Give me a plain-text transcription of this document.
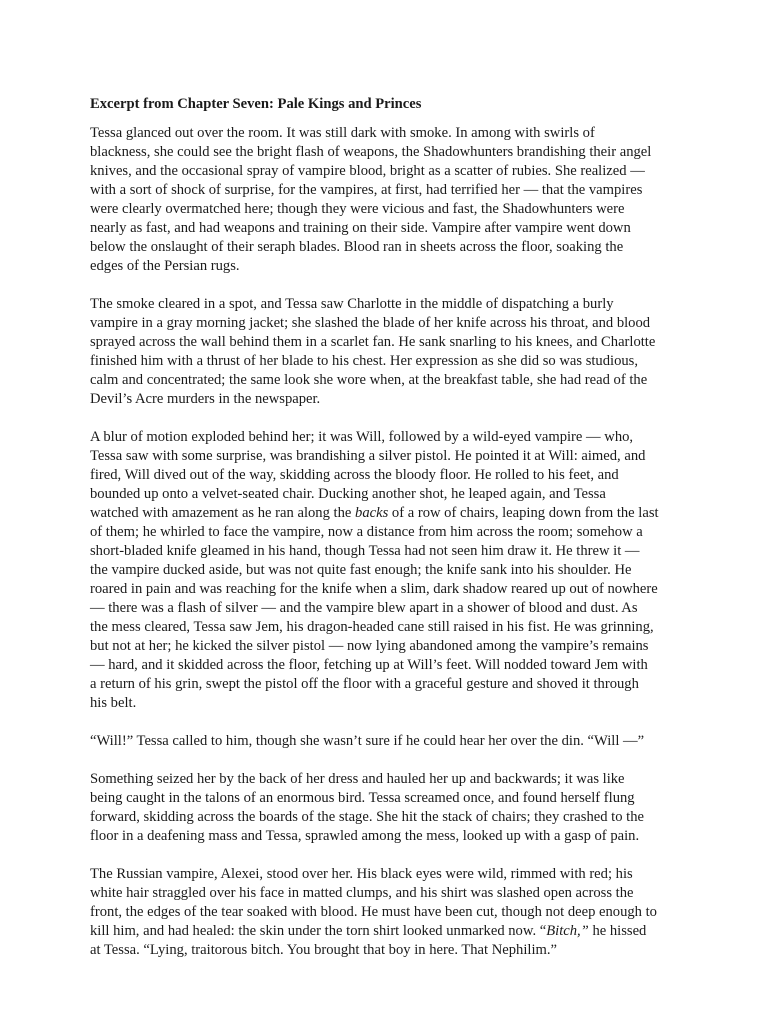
Excerpt from Chapter Seven: Pale Kings and Princes
Tessa glanced out over the room. It was still dark with smoke. In among with swirls of
blackness, she could see the bright flash of weapons, the Shadowhunters brandishing their angel
knives, and the occasional spray of vampire blood, bright as a scatter of rubies. She realized —
with a sort of shock of surprise, for the vampires, at first, had terrified her — that the vampires
were clearly overmatched here; though they were vicious and fast, the Shadowhunters were
nearly as fast, and had weapons and training on their side. Vampire after vampire went down
below the onslaught of their seraph blades. Blood ran in sheets across the floor, soaking the
edges of the Persian rugs.
The smoke cleared in a spot, and Tessa saw Charlotte in the middle of dispatching a burly
vampire in a gray morning jacket; she slashed the blade of her knife across his throat, and blood
sprayed across the wall behind them in a scarlet fan. He sank snarling to his knees, and Charlotte
finished him with a thrust of her blade to his chest. Her expression as she did so was studious,
calm and concentrated; the same look she wore when, at the breakfast table, she had read of the
Devil’s Acre murders in the newspaper.
A blur of motion exploded behind her; it was Will, followed by a wild-eyed vampire — who,
Tessa saw with some surprise, was brandishing a silver pistol. He pointed it at Will: aimed, and
fired, Will dived out of the way, skidding across the bloody floor. He rolled to his feet, and
bounded up onto a velvet-seated chair. Ducking another shot, he leaped again, and Tessa
watched with amazement as he ran along the backs of a row of chairs, leaping down from the last
of them; he whirled to face the vampire, now a distance from him across the room; somehow a
short-bladed knife gleamed in his hand, though Tessa had not seen him draw it. He threw it —
the vampire ducked aside, but was not quite fast enough; the knife sank into his shoulder. He
roared in pain and was reaching for the knife when a slim, dark shadow reared up out of nowhere
— there was a flash of silver — and the vampire blew apart in a shower of blood and dust. As
the mess cleared, Tessa saw Jem, his dragon-headed cane still raised in his fist. He was grinning,
but not at her; he kicked the silver pistol — now lying abandoned among the vampire’s remains
— hard, and it skidded across the floor, fetching up at Will’s feet. Will nodded toward Jem with
a return of his grin, swept the pistol off the floor with a graceful gesture and shoved it through
his belt.
“Will!” Tessa called to him, though she wasn’t sure if he could hear her over the din. “Will —”
Something seized her by the back of her dress and hauled her up and backwards; it was like
being caught in the talons of an enormous bird. Tessa screamed once, and found herself flung
forward, skidding across the boards of the stage. She hit the stack of chairs; they crashed to the
floor in a deafening mass and Tessa, sprawled among the mess, looked up with a gasp of pain.
The Russian vampire, Alexei, stood over her. His black eyes were wild, rimmed with red; his
white hair straggled over his face in matted clumps, and his shirt was slashed open across the
front, the edges of the tear soaked with blood. He must have been cut, though not deep enough to
kill him, and had healed: the skin under the torn shirt looked unmarked now. “Bitch,” he hissed
at Tessa. “Lying, traitorous bitch. You brought that boy in here. That Nephilim.”
